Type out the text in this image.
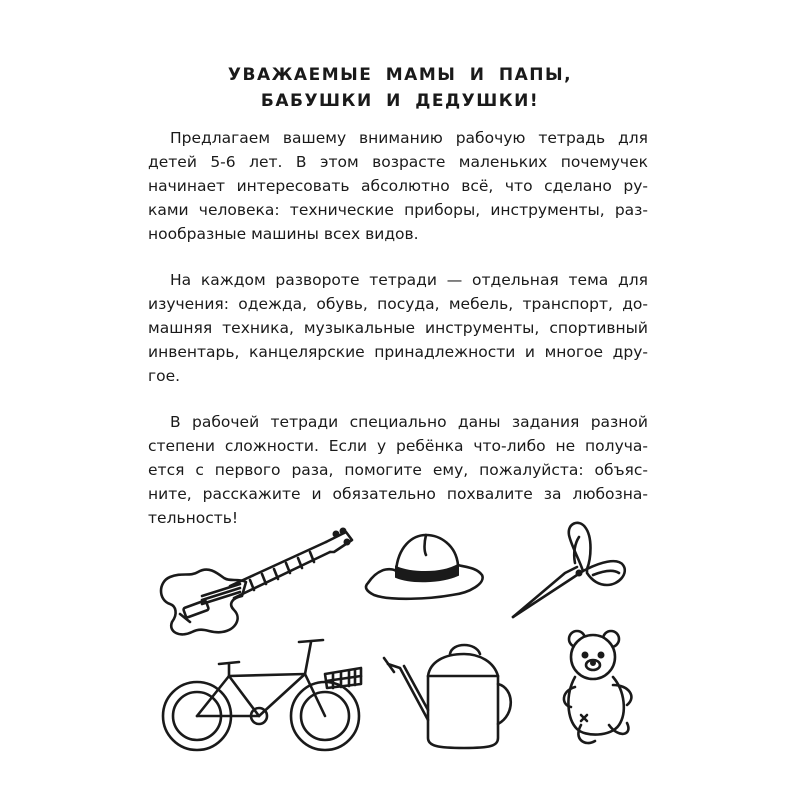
УВАЖАЕМЫЕ МАМЫ И ПАПЫ,
БАБУШКИ И ДЕДУШКИ!
Предлагаем вашему вниманию рабочую тетрадь для
детей 5-6 лет. В этом возрасте маленьких почемучек
начинает интересовать абсолютно всё, что сделано ру-
ками человека: технические приборы, инструменты, раз-
нообразные машины всех видов.
На каждом развороте тетради — отдельная тема для
изучения: одежда, обувь, посуда, мебель, транспорт, до-
машняя техника, музыкальные инструменты, спортивный
инвентарь, канцелярские принадлежности и многое дру-
гое.
В рабочей тетради специально даны задания разной
степени сложности. Если у ребёнка что-либо не получа-
ется с первого раза, помогите ему, пожалуйста: объяс-
ните, расскажите и обязательно похвалите за любозна-
тельность!
